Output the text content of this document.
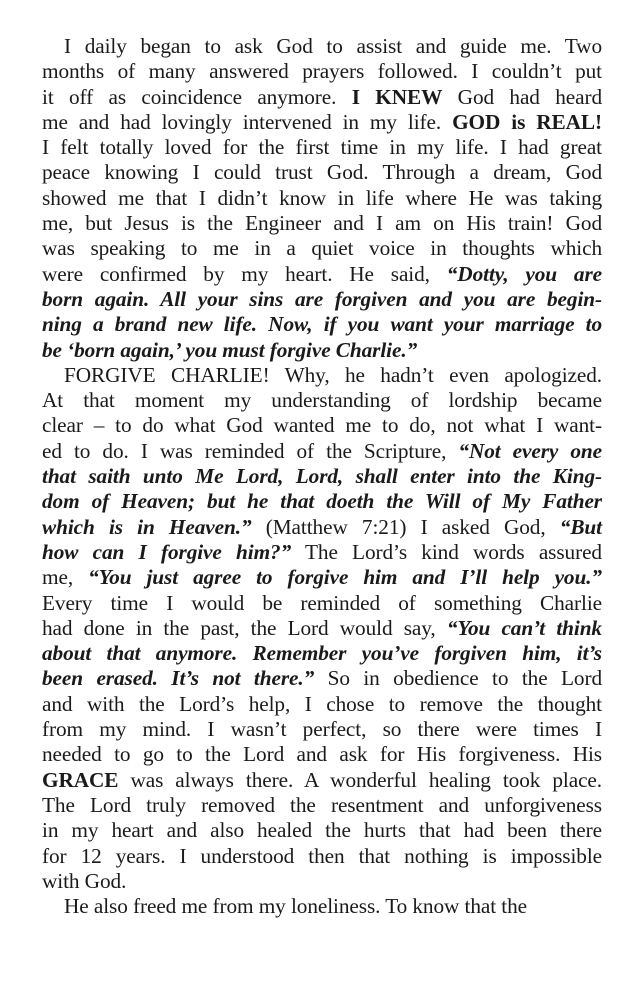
I daily began to ask God to assist and guide me. Two
months of many answered prayers followed. I couldn’t put
it off as coincidence anymore. I KNEW God had heard
me and had lovingly intervened in my life. GOD is REAL!
I felt totally loved for the first time in my life. I had great
peace knowing I could trust God. Through a dream, God
showed me that I didn’t know in life where He was taking
me, but Jesus is the Engineer and I am on His train! God
was speaking to me in a quiet voice in thoughts which
were confirmed by my heart. He said, “Dotty, you are
born again. All your sins are forgiven and you are begin-
ning a brand new life. Now, if you want your marriage to
be ‘born again,’ you must forgive Charlie.”
FORGIVE CHARLIE! Why, he hadn’t even apologized.
At that moment my understanding of lordship became
clear – to do what God wanted me to do, not what I want-
ed to do. I was reminded of the Scripture, “Not every one
that saith unto Me Lord, Lord, shall enter into the King-
dom of Heaven; but he that doeth the Will of My Father
which is in Heaven.” (Matthew 7:21) I asked God, “But
how can I forgive him?” The Lord’s kind words assured
me, “You just agree to forgive him and I’ll help you.”
Every time I would be reminded of something Charlie
had done in the past, the Lord would say, “You can’t think
about that anymore. Remember you’ve forgiven him, it’s
been erased. It’s not there.” So in obedience to the Lord
and with the Lord’s help, I chose to remove the thought
from my mind. I wasn’t perfect, so there were times I
needed to go to the Lord and ask for His forgiveness. His
GRACE was always there. A wonderful healing took place.
The Lord truly removed the resentment and unforgiveness
in my heart and also healed the hurts that had been there
for 12 years. I understood then that nothing is impossible
with God.
He also freed me from my loneliness. To know that the
